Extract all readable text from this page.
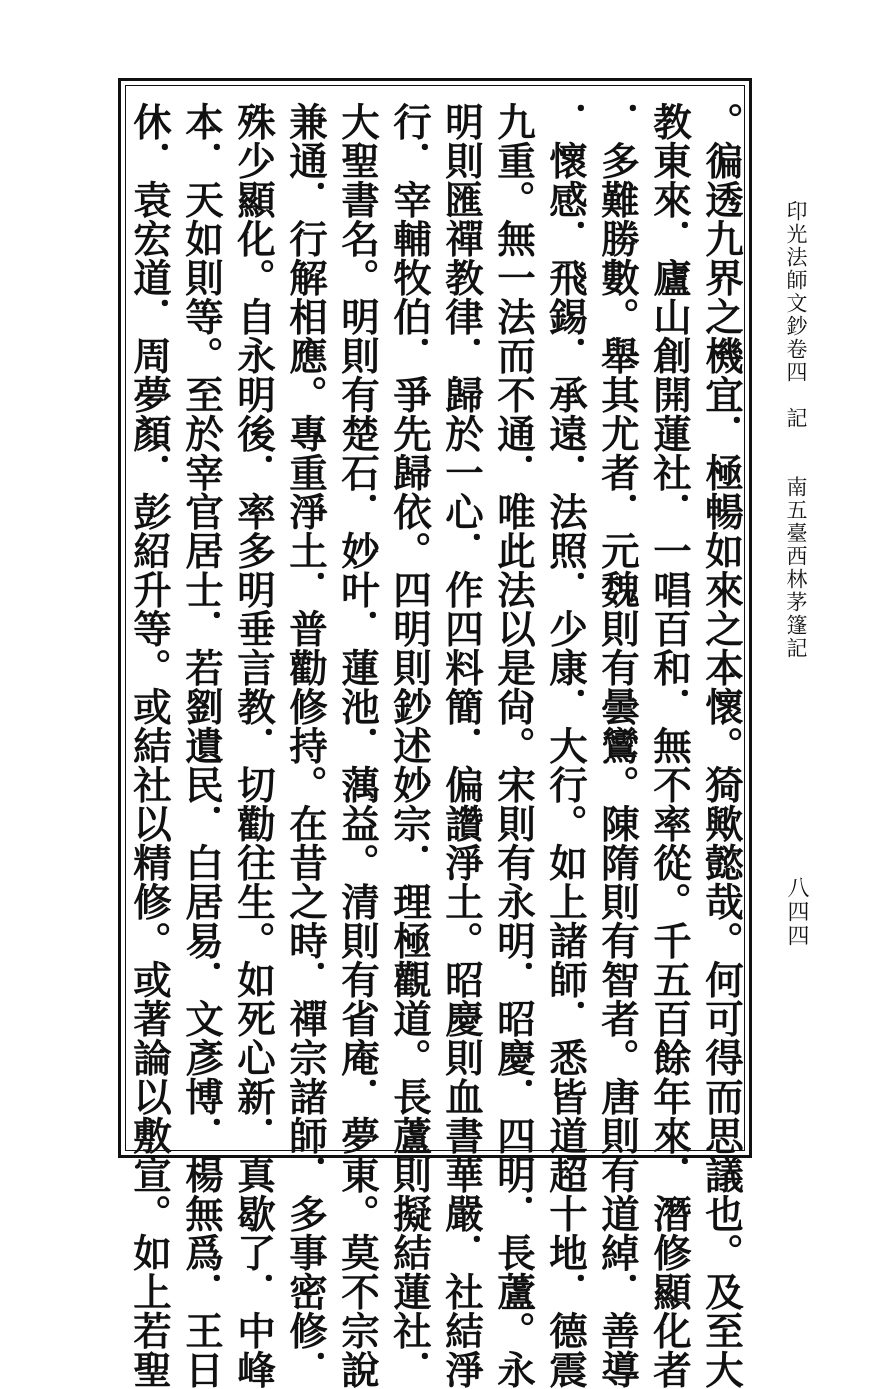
印光法師文鈔卷四　記　　南五臺西林茅篷記
八四四
。徧透九界之機宜．極暢如來之本懷。猗歟懿哉。何可得而思議也。及至大
教東來．廬山創開蓮社．一唱百和．無不率從。千五百餘年來．潛修顯化者
．多難勝數。舉其尤者．元魏則有曇鸞。陳隋則有智者。唐則有道綽．善導
．懷感．飛錫．承遠．法照．少康．大行。如上諸師．悉皆道超十地．德震
九重。無一法而不通．唯此法以是尙。宋則有永明．昭慶．四明．長蘆。永
明則匯禪教律．歸於一心．作四料簡．偏讚淨土。昭慶則血書華嚴．社結淨
行．宰輔牧伯．爭先歸依。四明則鈔述妙宗．理極觀道。長蘆則擬結蓮社．
大聖書名。明則有楚石．妙叶．蓮池．蕅益。清則有省庵．夢東。莫不宗說
兼通．行解相應。專重淨土．普勸修持。在昔之時．禪宗諸師．多事密修．
殊少顯化。自永明後．率多明垂言教．切勸往生。如死心新．真歇了．中峰
本．天如則等。至於宰官居士．若劉遺民．白居易．文彥博．楊無爲．王日
休．袁宏道．周夢顏．彭紹升等。或結社以精修。或著論以敷宣。如上若聖
